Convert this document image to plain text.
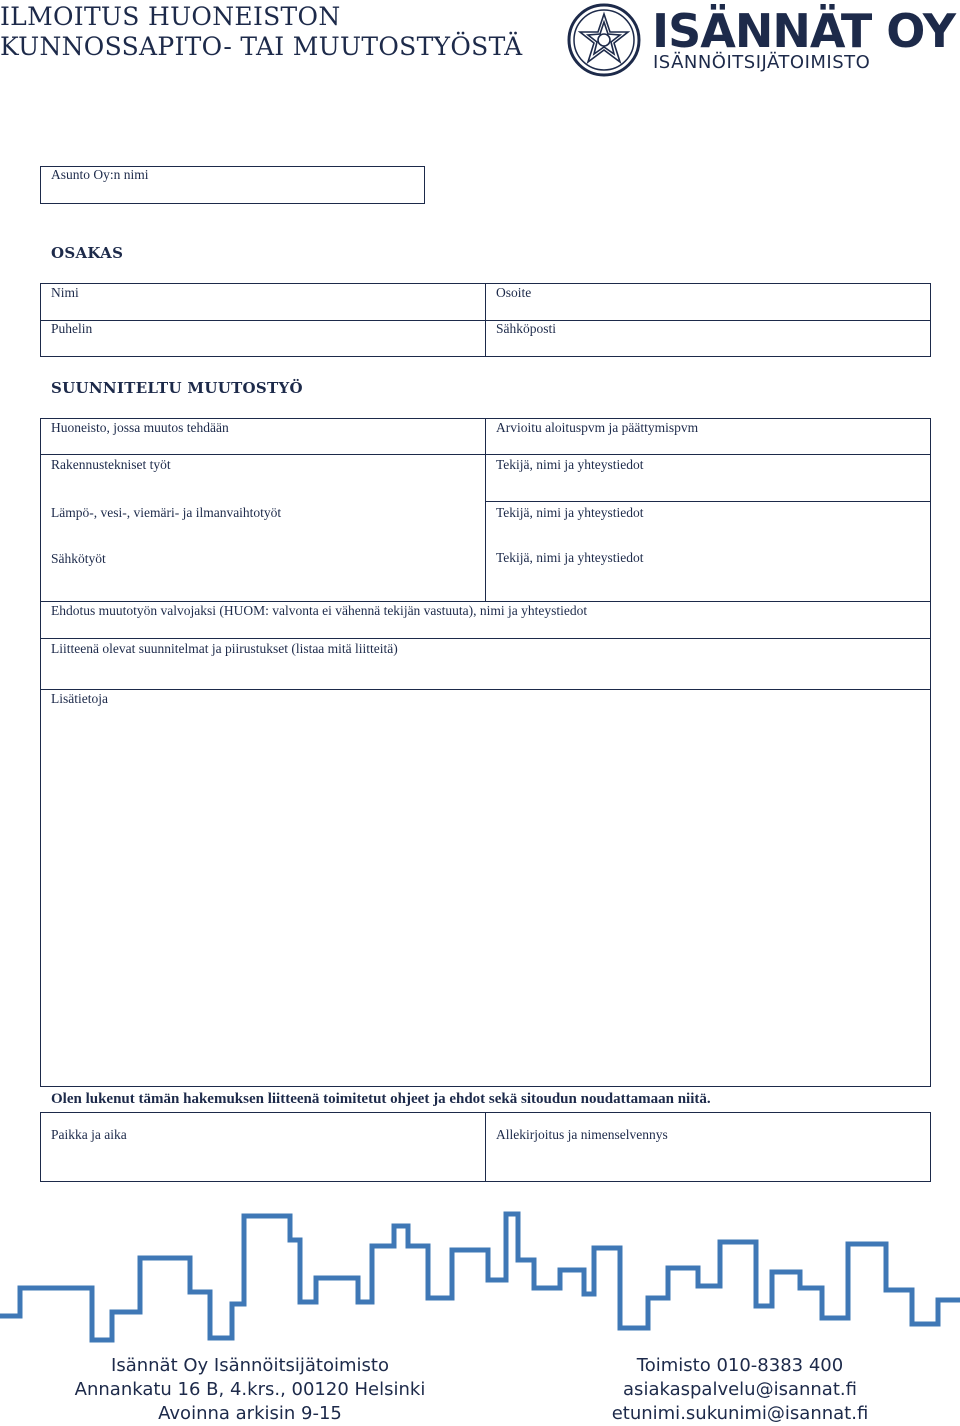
ILMOITUS HUONEISTON
KUNNOSSAPITO- TAI MUUTOSTYÖSTÄ	ISÄNNÄT OY
ISÄNNÖITSIJÄTOIMISTO
Asunto Oy:n nimi
OSAKAS
Nimi	Osoite
Puhelin	Sähköposti
SUUNNITELTU MUUTOSTYÖ
Huoneisto, jossa muutos tehdään	Arvioitu aloituspvm ja päättymispvm
Rakennustekniset työt	Tekijä, nimi ja yhteystiedot
Lämpö-, vesi-, viemäri- ja ilmanvaihtotyöt	Tekijä, nimi ja yhteystiedot
Sähkötyöt	Tekijä, nimi ja yhteystiedot
Ehdotus muutotyön valvojaksi (HUOM: valvonta ei vähennä tekijän vastuuta), nimi ja yhteystiedot
Liitteenä olevat suunnitelmat ja piirustukset (listaa mitä liitteitä)
Lisätietoja
Olen lukenut tämän hakemuksen liitteenä toimitetut ohjeet ja ehdot sekä sitoudun noudattamaan niitä.
Paikka ja aika	Allekirjoitus ja nimenselvennys
Isännät Oy Isännöitsijätoimisto
Annankatu 16 B, 4.krs., 00120 Helsinki
Avoinna arkisin 9-15
Toimisto 010-8383 400
asiakaspalvelu@isannat.fi
etunimi.sukunimi@isannat.fi
